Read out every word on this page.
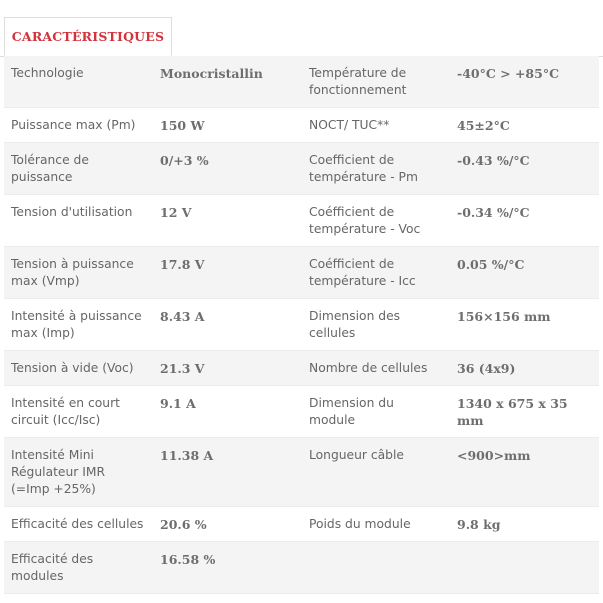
CARACTÉRISTIQUES
Technologie	Monocristallin	Température de fonctionnement	-40°C > +85°C
Puissance max (Pm)	150 W	NOCT/ TUC**	45±2°C
Tolérance de puissance	0/+3 %	Coefficient de température - Pm	-0.43 %/°C
Tension d'utilisation	12 V	Coéfficient de température - Voc	-0.34 %/°C
Tension à puissance max (Vmp)	17.8 V	Coéfficient de température - Icc	0.05 %/°C
Intensité à puissance max (Imp)	8.43 A	Dimension des cellules	156×156 mm
Tension à vide (Voc)	21.3 V	Nombre de cellules	36 (4x9)
Intensité en court circuit (Icc/Isc)	9.1 A	Dimension du module	1340 x 675 x 35 mm
Intensité Mini Régulateur IMR (=Imp +25%)	11.38 A	Longueur câble	<900>mm
Efficacité des cellules	20.6 %	Poids du module	9.8 kg
Efficacité des modules	16.58 %		
